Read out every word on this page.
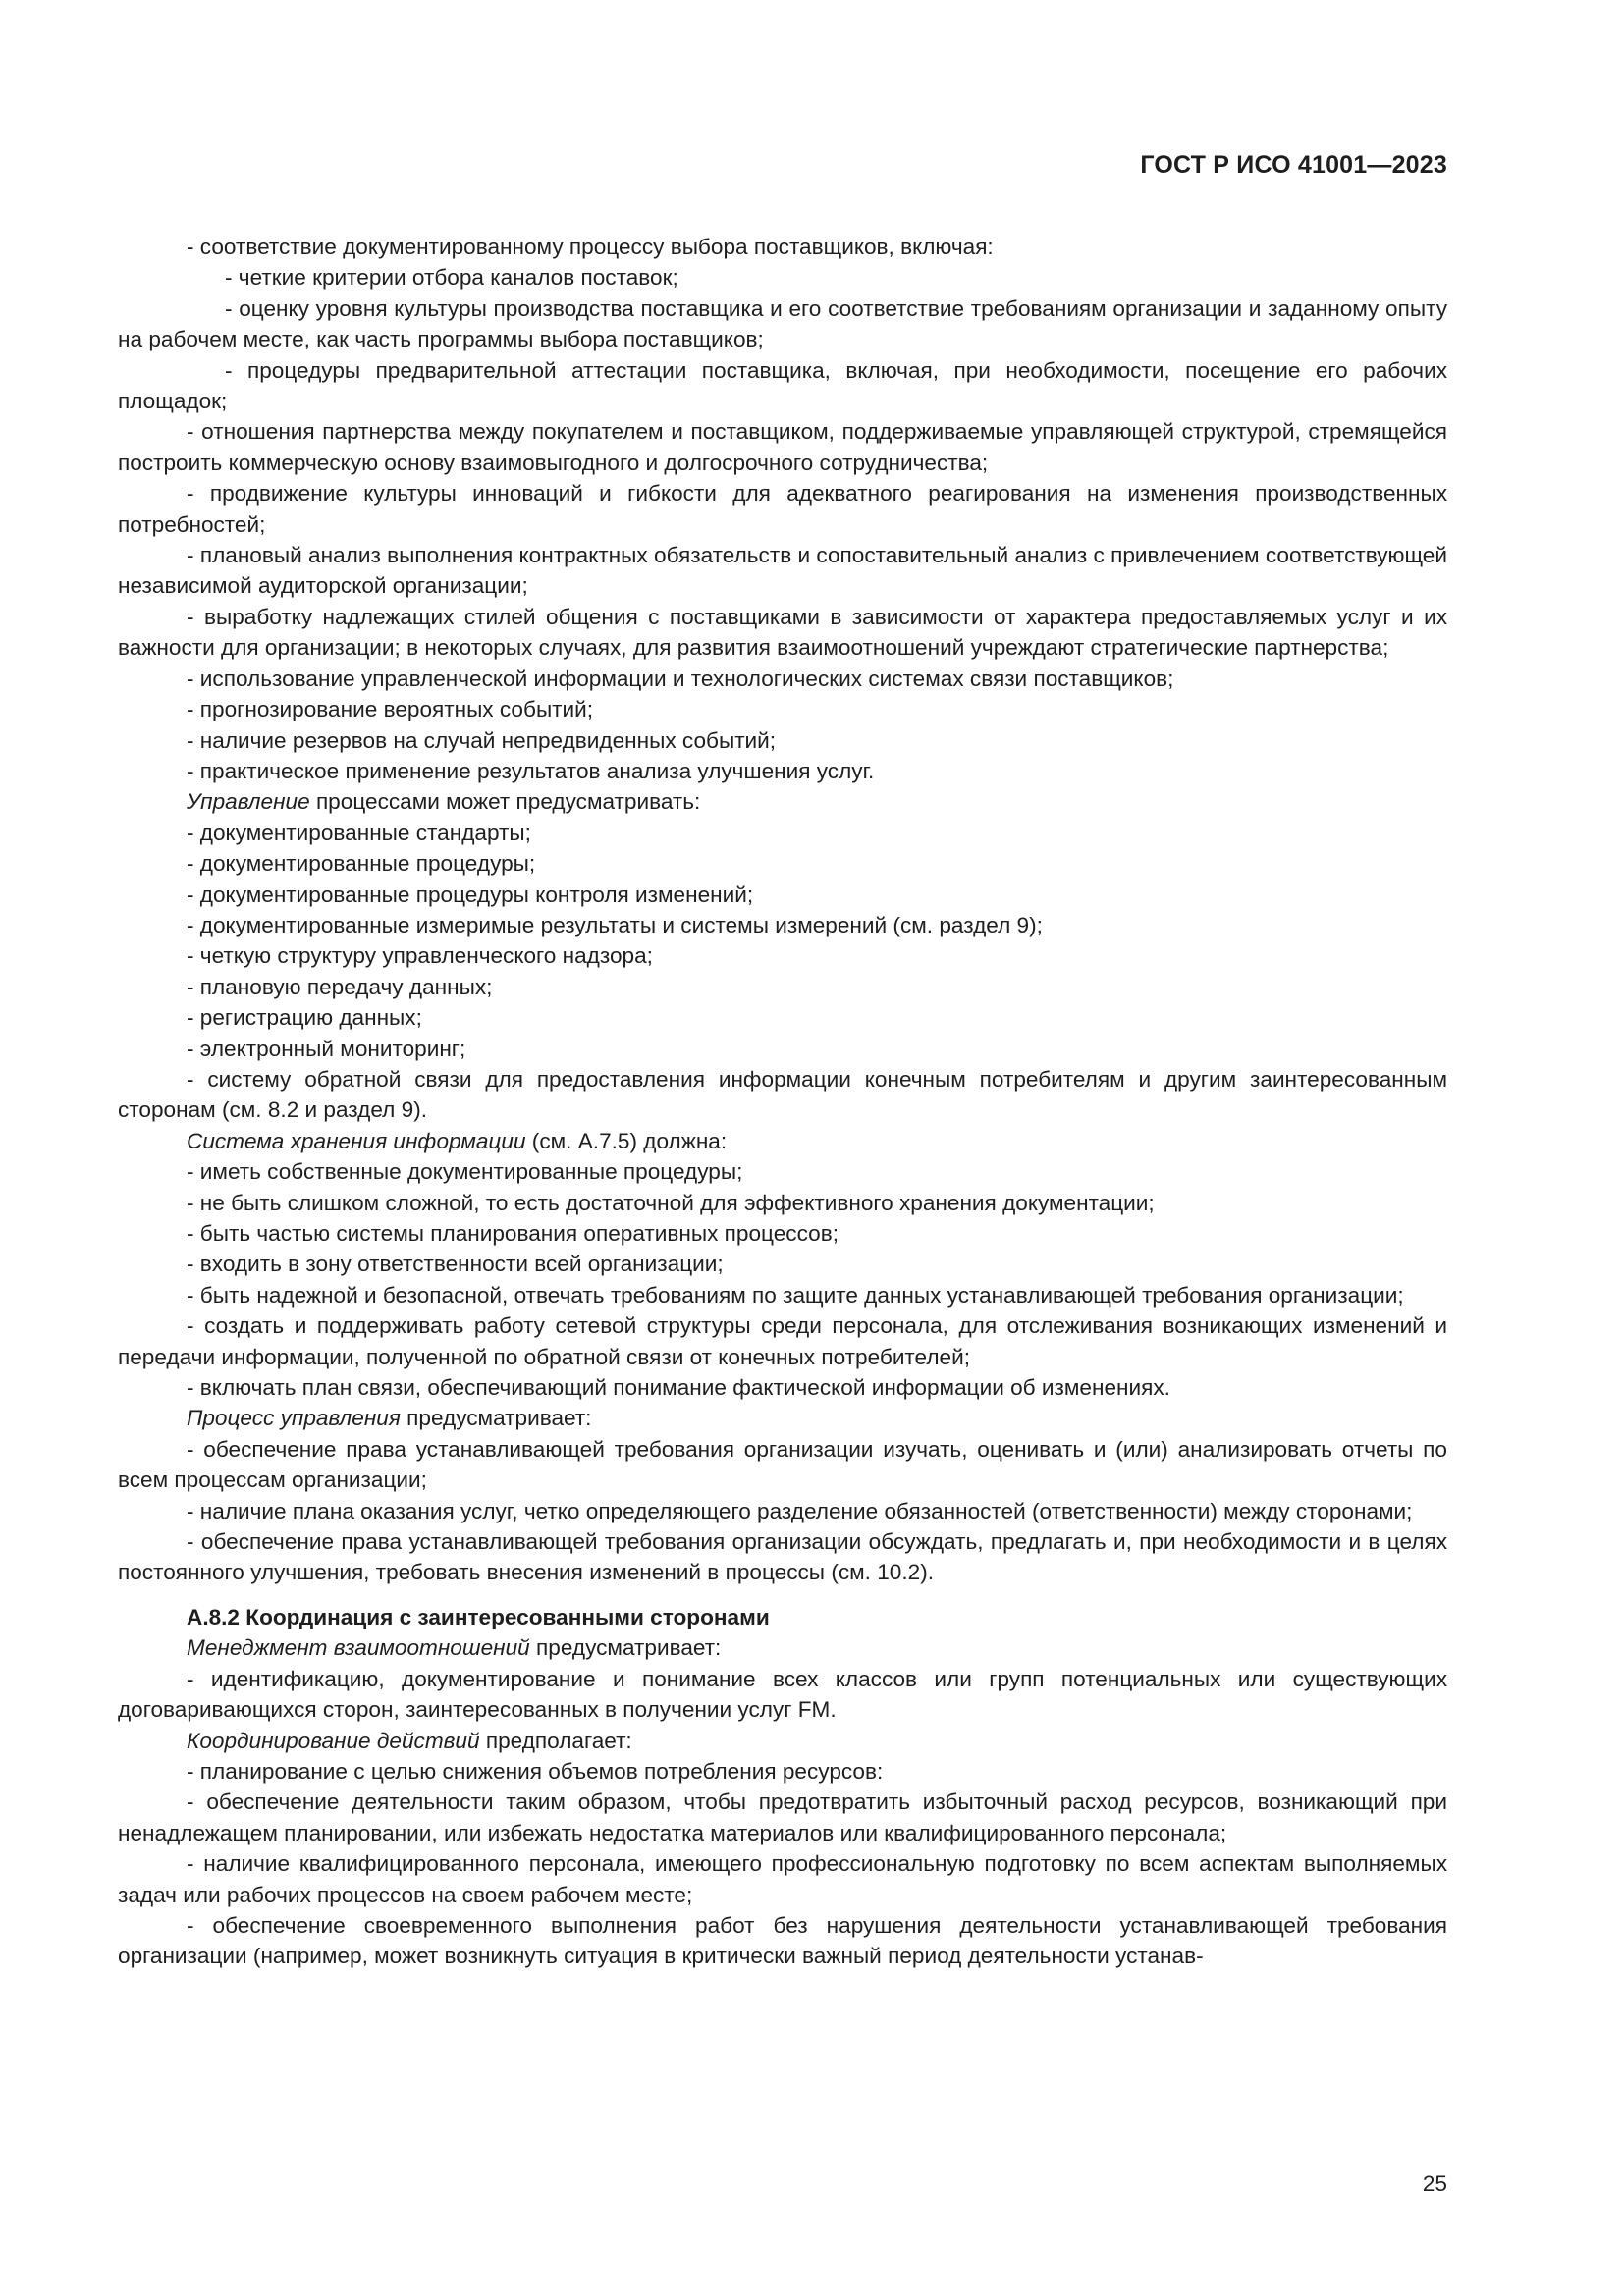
ГОСТ Р ИСО 41001—2023

- соответствие документированному процессу выбора поставщиков, включая:

- четкие критерии отбора каналов поставок;

- оценку уровня культуры производства поставщика и его соответствие требованиям организации и заданному опыту на рабочем месте, как часть программы выбора поставщиков;

- процедуры предварительной аттестации поставщика, включая, при необходимости, посещение его рабочих площадок;

- отношения партнерства между покупателем и поставщиком, поддерживаемые управляющей структурой, стремящейся построить коммерческую основу взаимовыгодного и долгосрочного сотрудничества;

- продвижение культуры инноваций и гибкости для адекватного реагирования на изменения производственных потребностей;

- плановый анализ выполнения контрактных обязательств и сопоставительный анализ с привлечением соответствующей независимой аудиторской организации;

- выработку надлежащих стилей общения с поставщиками в зависимости от характера предоставляемых услуг и их важности для организации; в некоторых случаях, для развития взаимоотношений учреждают стратегические партнерства;

- использование управленческой информации и технологических системах связи поставщиков;

- прогнозирование вероятных событий;

- наличие резервов на случай непредвиденных событий;

- практическое применение результатов анализа улучшения услуг.

Управление процессами может предусматривать:

- документированные стандарты;

- документированные процедуры;

- документированные процедуры контроля изменений;

- документированные измеримые результаты и системы измерений (см. раздел 9);

- четкую структуру управленческого надзора;

- плановую передачу данных;

- регистрацию данных;

- электронный мониторинг;

- систему обратной связи для предоставления информации конечным потребителям и другим заинтересованным сторонам (см. 8.2 и раздел 9).

Система хранения информации (см. А.7.5) должна:

- иметь собственные документированные процедуры;

- не быть слишком сложной, то есть достаточной для эффективного хранения документации;

- быть частью системы планирования оперативных процессов;

- входить в зону ответственности всей организации;

- быть надежной и безопасной, отвечать требованиям по защите данных устанавливающей требования организации;

- создать и поддерживать работу сетевой структуры среди персонала, для отслеживания возникающих изменений и передачи информации, полученной по обратной связи от конечных потребителей;

- включать план связи, обеспечивающий понимание фактической информации об изменениях.

Процесс управления предусматривает:

- обеспечение права устанавливающей требования организации изучать, оценивать и (или) анализировать отчеты по всем процессам организации;

- наличие плана оказания услуг, четко определяющего разделение обязанностей (ответственности) между сторонами;

- обеспечение права устанавливающей требования организации обсуждать, предлагать и, при необходимости и в целях постоянного улучшения, требовать внесения изменений в процессы (см. 10.2).

А.8.2 Координация с заинтересованными сторонами

Менеджмент взаимоотношений предусматривает:

- идентификацию, документирование и понимание всех классов или групп потенциальных или существующих договаривающихся сторон, заинтересованных в получении услуг FM.

Координирование действий предполагает:

- планирование с целью снижения объемов потребления ресурсов:

- обеспечение деятельности таким образом, чтобы предотвратить избыточный расход ресурсов, возникающий при ненадлежащем планировании, или избежать недостатка материалов или квалифицированного персонала;

- наличие квалифицированного персонала, имеющего профессиональную подготовку по всем аспектам выполняемых задач или рабочих процессов на своем рабочем месте;

- обеспечение своевременного выполнения работ без нарушения деятельности устанавливающей требования организации (например, может возникнуть ситуация в критически важный период деятельности устанав-

25
